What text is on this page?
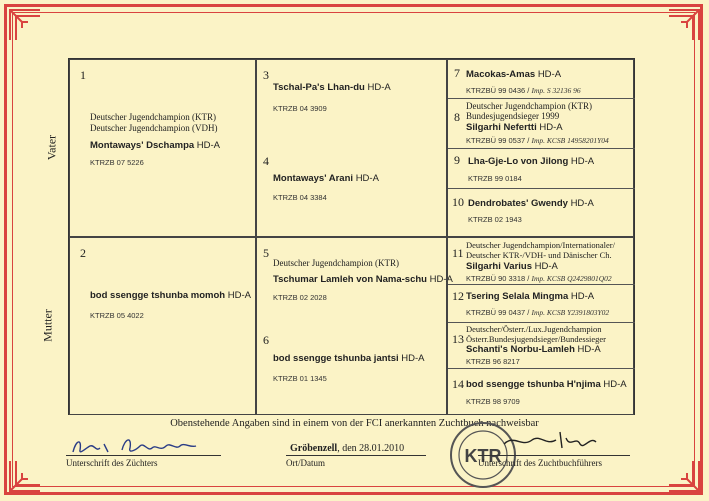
Vater
Mutter
1
Deutscher Jugendchampion (KTR)
Deutscher Jugendchampion (VDH)
Montaways' Dschampa HD-A
KTRZB 07 5226
2
bod ssengge tshunba momoh HD-A
KTRZB 05 4022
3
Tschal-Pa's Lhan-du HD-A
KTRZB 04 3909
4
Montaways' Arani HD-A
KTRZB 04 3384
5
Deutscher Jugendchampion (KTR)
Tschumar Lamleh von Nama-schu HD-A
KTRZB 02 2028
6
bod ssengge tshunba jantsi HD-A
KTRZB 01 1345
7 Macokas-Amas HD-A
KTRZBÜ 99 0436 / Imp. S 32136 96
8
Deutscher Jugendchampion (KTR)
Bundesjugendsieger 1999
Silgarhi Nefertti HD-A
KTRZBÜ 99 0537 / Imp. KCSB 14958201Y04
9 Lha-Gje-Lo von Jilong HD-A
KTRZB 99 0184
10 Dendrobates' Gwendy HD-A
KTRZB 02 1943
11
Deutscher Jugendchampion/Internationaler/
Deutscher KTR-/VDH- und Dänischer Ch.
Silgarhi Varius HD-A
KTRZBÜ 90 3318 / Imp. KCSB Q2429801Q02
12 Tsering Selala Mingma HD-A
KTRZBÜ 99 0437 / Imp. KCSB Y2391803Y02
13
Deutscher/Österr./Lux.Jugendchampion
Österr.Bundesjugendsieger/Bundessieger
Schanti's Norbu-Lamleh HD-A
KTRZB 96 8217
14 bod ssengge tshunba H'njima HD-A
KTRZB 98 9709
Obenstehende Angaben sind in einem von der FCI anerkannten Zuchtbuch nachweisbar
Unterschrift des Züchters
Gröbenzell, den 28.01.2010
Ort/Datum	KTR
Unterschrift des Zuchtbuchführers
